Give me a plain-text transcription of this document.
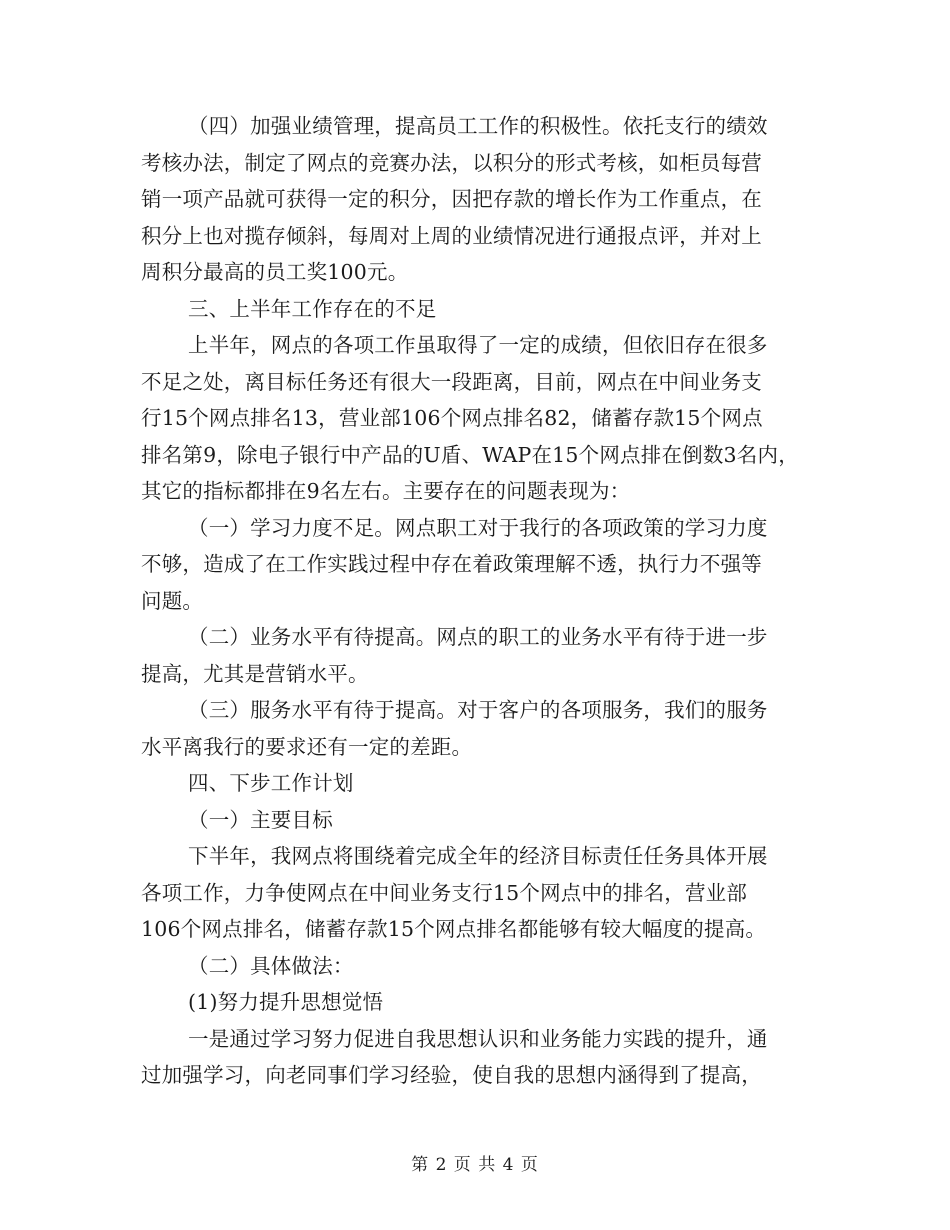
（四）加强业绩管理，提高员工工作的积极性。依托支行的绩效
考核办法，制定了网点的竞赛办法，以积分的形式考核，如柜员每营
销一项产品就可获得一定的积分，因把存款的增长作为工作重点，在
积分上也对揽存倾斜，每周对上周的业绩情况进行通报点评，并对上
周积分最高的员工奖100元。
三、上半年工作存在的不足
上半年，网点的各项工作虽取得了一定的成绩，但依旧存在很多
不足之处，离目标任务还有很大一段距离，目前，网点在中间业务支
行15个网点排名13，营业部106个网点排名82，储蓄存款15个网点
排名第9，除电子银行中产品的U盾、WAP在15个网点排在倒数3名内，
其它的指标都排在9名左右。主要存在的问题表现为：
（一）学习力度不足。网点职工对于我行的各项政策的学习力度
不够，造成了在工作实践过程中存在着政策理解不透，执行力不强等
问题。
（二）业务水平有待提高。网点的职工的业务水平有待于进一步
提高，尤其是营销水平。
（三）服务水平有待于提高。对于客户的各项服务，我们的服务
水平离我行的要求还有一定的差距。
四、下步工作计划
（一）主要目标
下半年，我网点将围绕着完成全年的经济目标责任任务具体开展
各项工作，力争使网点在中间业务支行15个网点中的排名，营业部
106个网点排名，储蓄存款15个网点排名都能够有较大幅度的提高。
（二）具体做法：
(1)努力提升思想觉悟
一是通过学习努力促进自我思想认识和业务能力实践的提升，通
过加强学习，向老同事们学习经验，使自我的思想内涵得到了提高，
第 2 页 共 4 页
